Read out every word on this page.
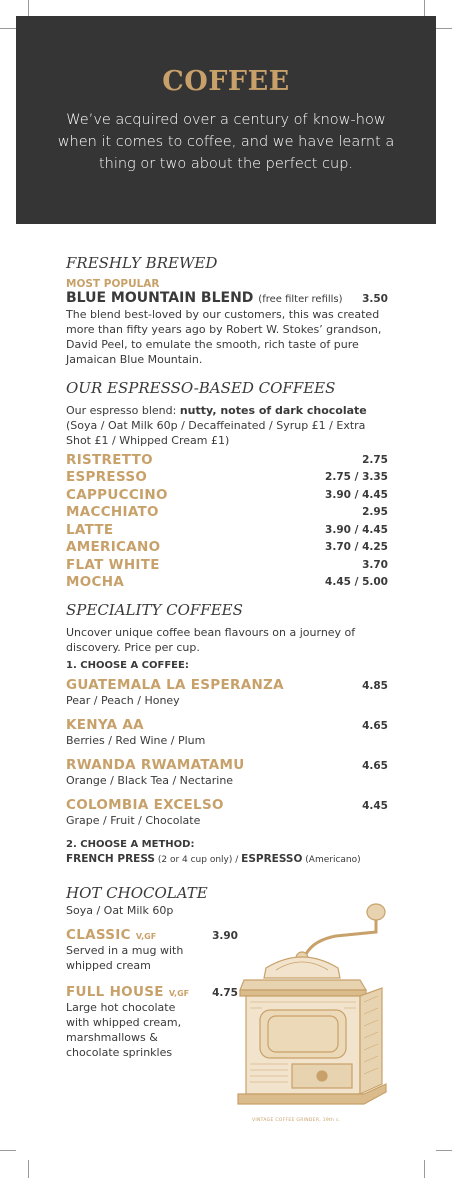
COFFEE

We’ve acquired over a century of know-how when it comes to coffee, and we have learnt a thing or two about the perfect cup.

FRESHLY BREWED
MOST POPULAR
BLUE MOUNTAIN BLEND (free filter refills) 3.50
The blend best-loved by our customers, this was created more than fifty years ago by Robert W. Stokes’ grandson, David Peel, to emulate the smooth, rich taste of pure Jamaican Blue Mountain.
OUR ESPRESSO-BASED COFFEES
Our espresso blend: nutty, notes of dark chocolate
(Soya / Oat Milk 60p / Decaffeinated / Syrup £1 / Extra Shot £1 / Whipped Cream £1)
RISTRETTO	2.75
ESPRESSO	2.75 / 3.35
CAPPUCCINO	3.90 / 4.45
MACCHIATO	2.95
LATTE	3.90 / 4.45
AMERICANO	3.70 / 4.25
FLAT WHITE	3.70
MOCHA	4.45 / 5.00
SPECIALITY COFFEES
Uncover unique coffee bean flavours on a journey of discovery. Price per cup.
1. CHOOSE A COFFEE:
GUATEMALA LA ESPERANZA	4.85
Pear / Peach / Honey
KENYA AA	4.65
Berries / Red Wine / Plum
RWANDA RWAMATAMU	4.65
Orange / Black Tea / Nectarine
COLOMBIA EXCELSO	4.45
Grape / Fruit / Chocolate
2. CHOOSE A METHOD:
FRENCH PRESS (2 or 4 cup only) / ESPRESSO (Americano)
HOT CHOCOLATE
Soya / Oat Milk 60p
CLASSIC V,GF	3.90
Served in a mug with whipped cream
FULL HOUSE V,GF 4.75
Large hot chocolate with whipped cream, marshmallows & chocolate sprinkles
VINTAGE COFFEE GRINDER, 19th c.
